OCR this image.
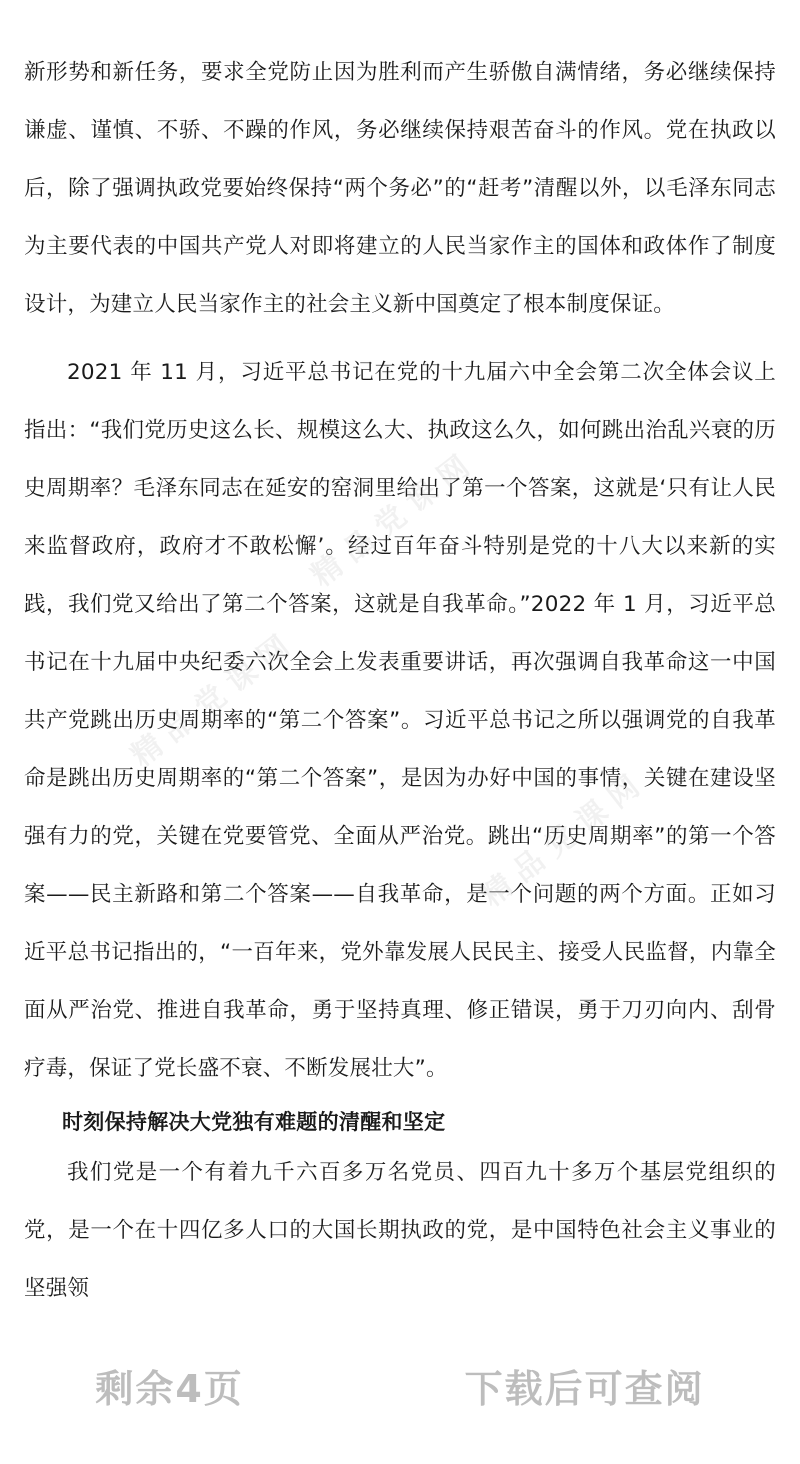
新形势和新任务，要求全党防止因为胜利而产生骄傲自满情绪，务必继续保持谦虚、谨慎、不骄、不躁的作风，务必继续保持艰苦奋斗的作风。党在执政以后，除了强调执政党要始终保持“两个务必”的“赶考”清醒以外，以毛泽东同志为主要代表的中国共产党人对即将建立的人民当家作主的国体和政体作了制度设计，为建立人民当家作主的社会主义新中国奠定了根本制度保证。

2021 年 11 月，习近平总书记在党的十九届六中全会第二次全体会议上指出：“我们党历史这么长、规模这么大、执政这么久，如何跳出治乱兴衰的历史周期率？毛泽东同志在延安的窑洞里给出了第一个答案，这就是‘只有让人民来监督政府，政府才不敢松懈’。经过百年奋斗特别是党的十八大以来新的实践，我们党又给出了第二个答案，这就是自我革命。”2022 年 1 月，习近平总书记在十九届中央纪委六次全会上发表重要讲话，再次强调自我革命这一中国共产党跳出历史周期率的“第二个答案”。习近平总书记之所以强调党的自我革命是跳出历史周期率的“第二个答案”，是因为办好中国的事情，关键在建设坚强有力的党，关键在党要管党、全面从严治党。跳出“历史周期率”的第一个答案——民主新路和第二个答案——自我革命，是一个问题的两个方面。正如习近平总书记指出的，“一百年来，党外靠发展人民民主、接受人民监督，内靠全面从严治党、推进自我革命，勇于坚持真理、修正错误，勇于刀刃向内、刮骨疗毒，保证了党长盛不衰、不断发展壮大”。

时刻保持解决大党独有难题的清醒和坚定

我们党是一个有着九千六百多万名党员、四百九十多万个基层党组织的党，是一个在十四亿多人口的大国长期执政的党，是中国特色社会主义事业的坚强领

精品党课网
精品党课网
精品党课网
剩余4页    下载后可查阅
